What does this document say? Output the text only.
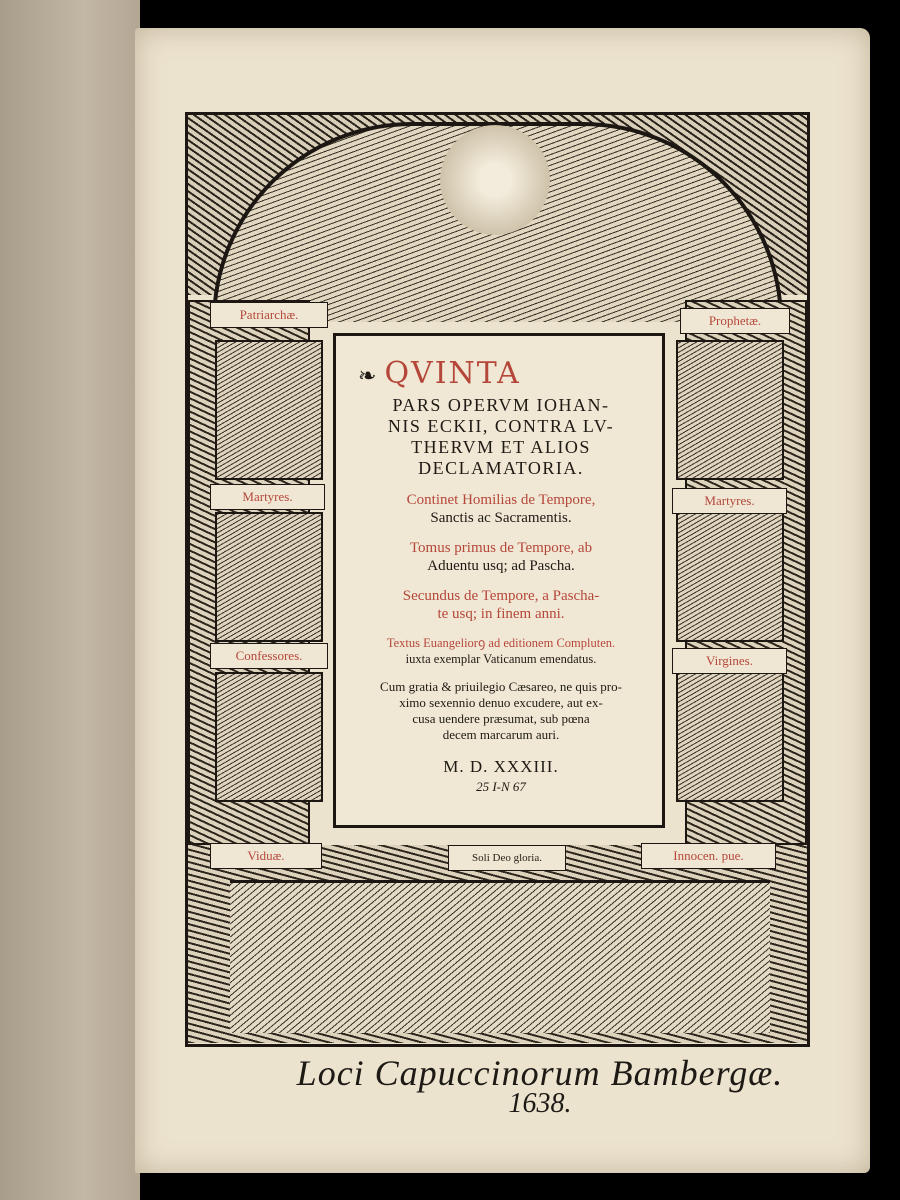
Patriarchæ.	Prophetæ.
Martyres.	Martyres.
Confessores.	Virgines.
Viduæ.	Soli Deo gloria.	Innocen. pue.
❧ QVINTA
PARS OPERVM IOHAN-
NIS ECKII, CONTRA LV-
THERVM ET ALIOS
DECLAMATORIA.
Continet Homilias de Tempore,
Sanctis ac Sacramentis.
Tomus primus de Tempore, ab
Aduentu usq; ad Pascha.
Secundus de Tempore, a Pascha-
te usq; in finem anni.
Textus Euangeliorꝯ ad editionem Compluten.
iuxta exemplar Vaticanum emendatus.
Cum gratia & priuilegio Cæsareo, ne quis pro-
ximo sexennio denuo excudere, aut ex-
cusa uendere præsumat, sub pœna
decem marcarum auri.
M. D. XXXIII.
25 I-N 67
Loci Capuccinorum Bambergæ.
1638.
